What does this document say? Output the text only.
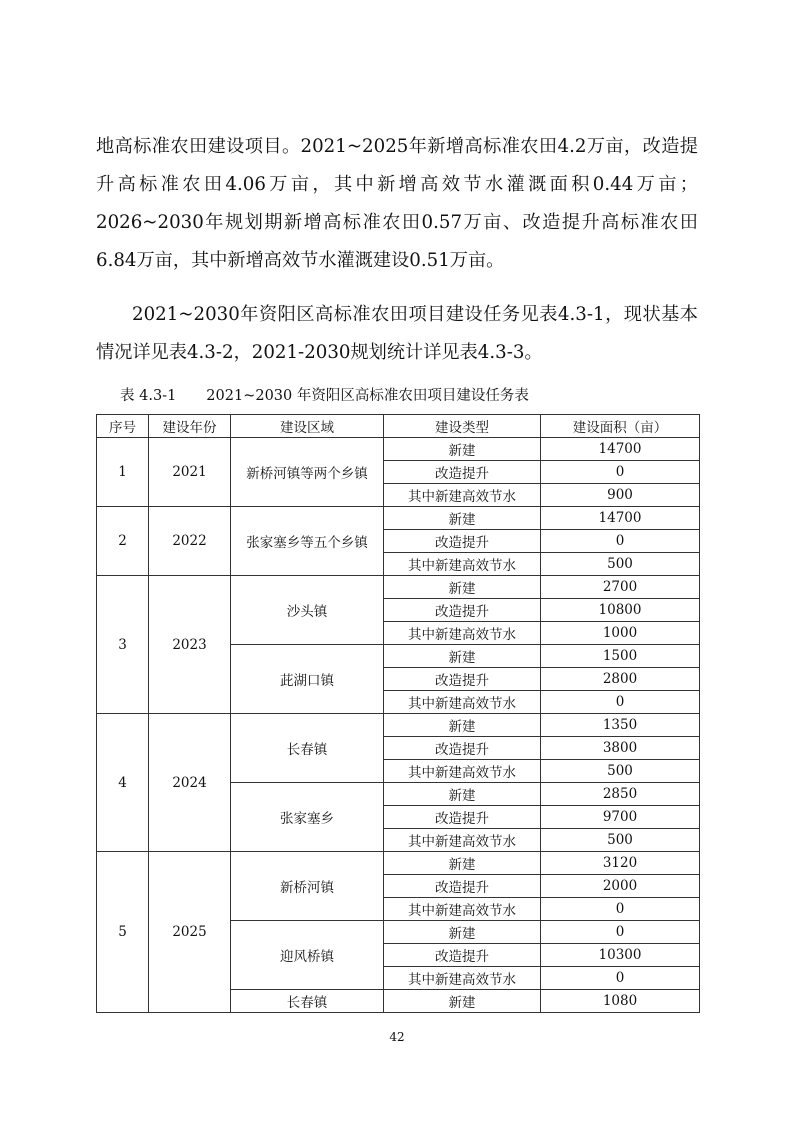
地高标准农田建设项目。2021~2025年新增高标准农田4.2万亩，改造提升高标准农田4.06万亩，其中新增高效节水灌溉面积0.44万亩；2026~2030年规划期新增高标准农田0.57万亩、改造提升高标准农田6.84万亩，其中新增高效节水灌溉建设0.51万亩。

2021~2030年资阳区高标准农田项目建设任务见表4.3-1，现状基本情况详见表4.3-2，2021-2030规划统计详见表4.3-3。

表 4.3-1 2021~2030 年资阳区高标准农田项目建设任务表
序号	建设年份	建设区域	建设类型	建设面积（亩）
1	2021	新桥河镇等两个乡镇	新建	14700
			改造提升	0
			其中新建高效节水	900
2	2022	张家塞乡等五个乡镇	新建	14700
			改造提升	0
			其中新建高效节水	500
3	2023	沙头镇	新建	2700
			改造提升	10800
			其中新建高效节水	1000
		茈湖口镇	新建	1500
			改造提升	2800
			其中新建高效节水	0
4	2024	长春镇	新建	1350
			改造提升	3800
			其中新建高效节水	500
		张家塞乡	新建	2850
			改造提升	9700
			其中新建高效节水	500
5	2025	新桥河镇	新建	3120
			改造提升	2000
			其中新建高效节水	0
		迎风桥镇	新建	0
			改造提升	10300
			其中新建高效节水	0
		长春镇	新建	1080
42
